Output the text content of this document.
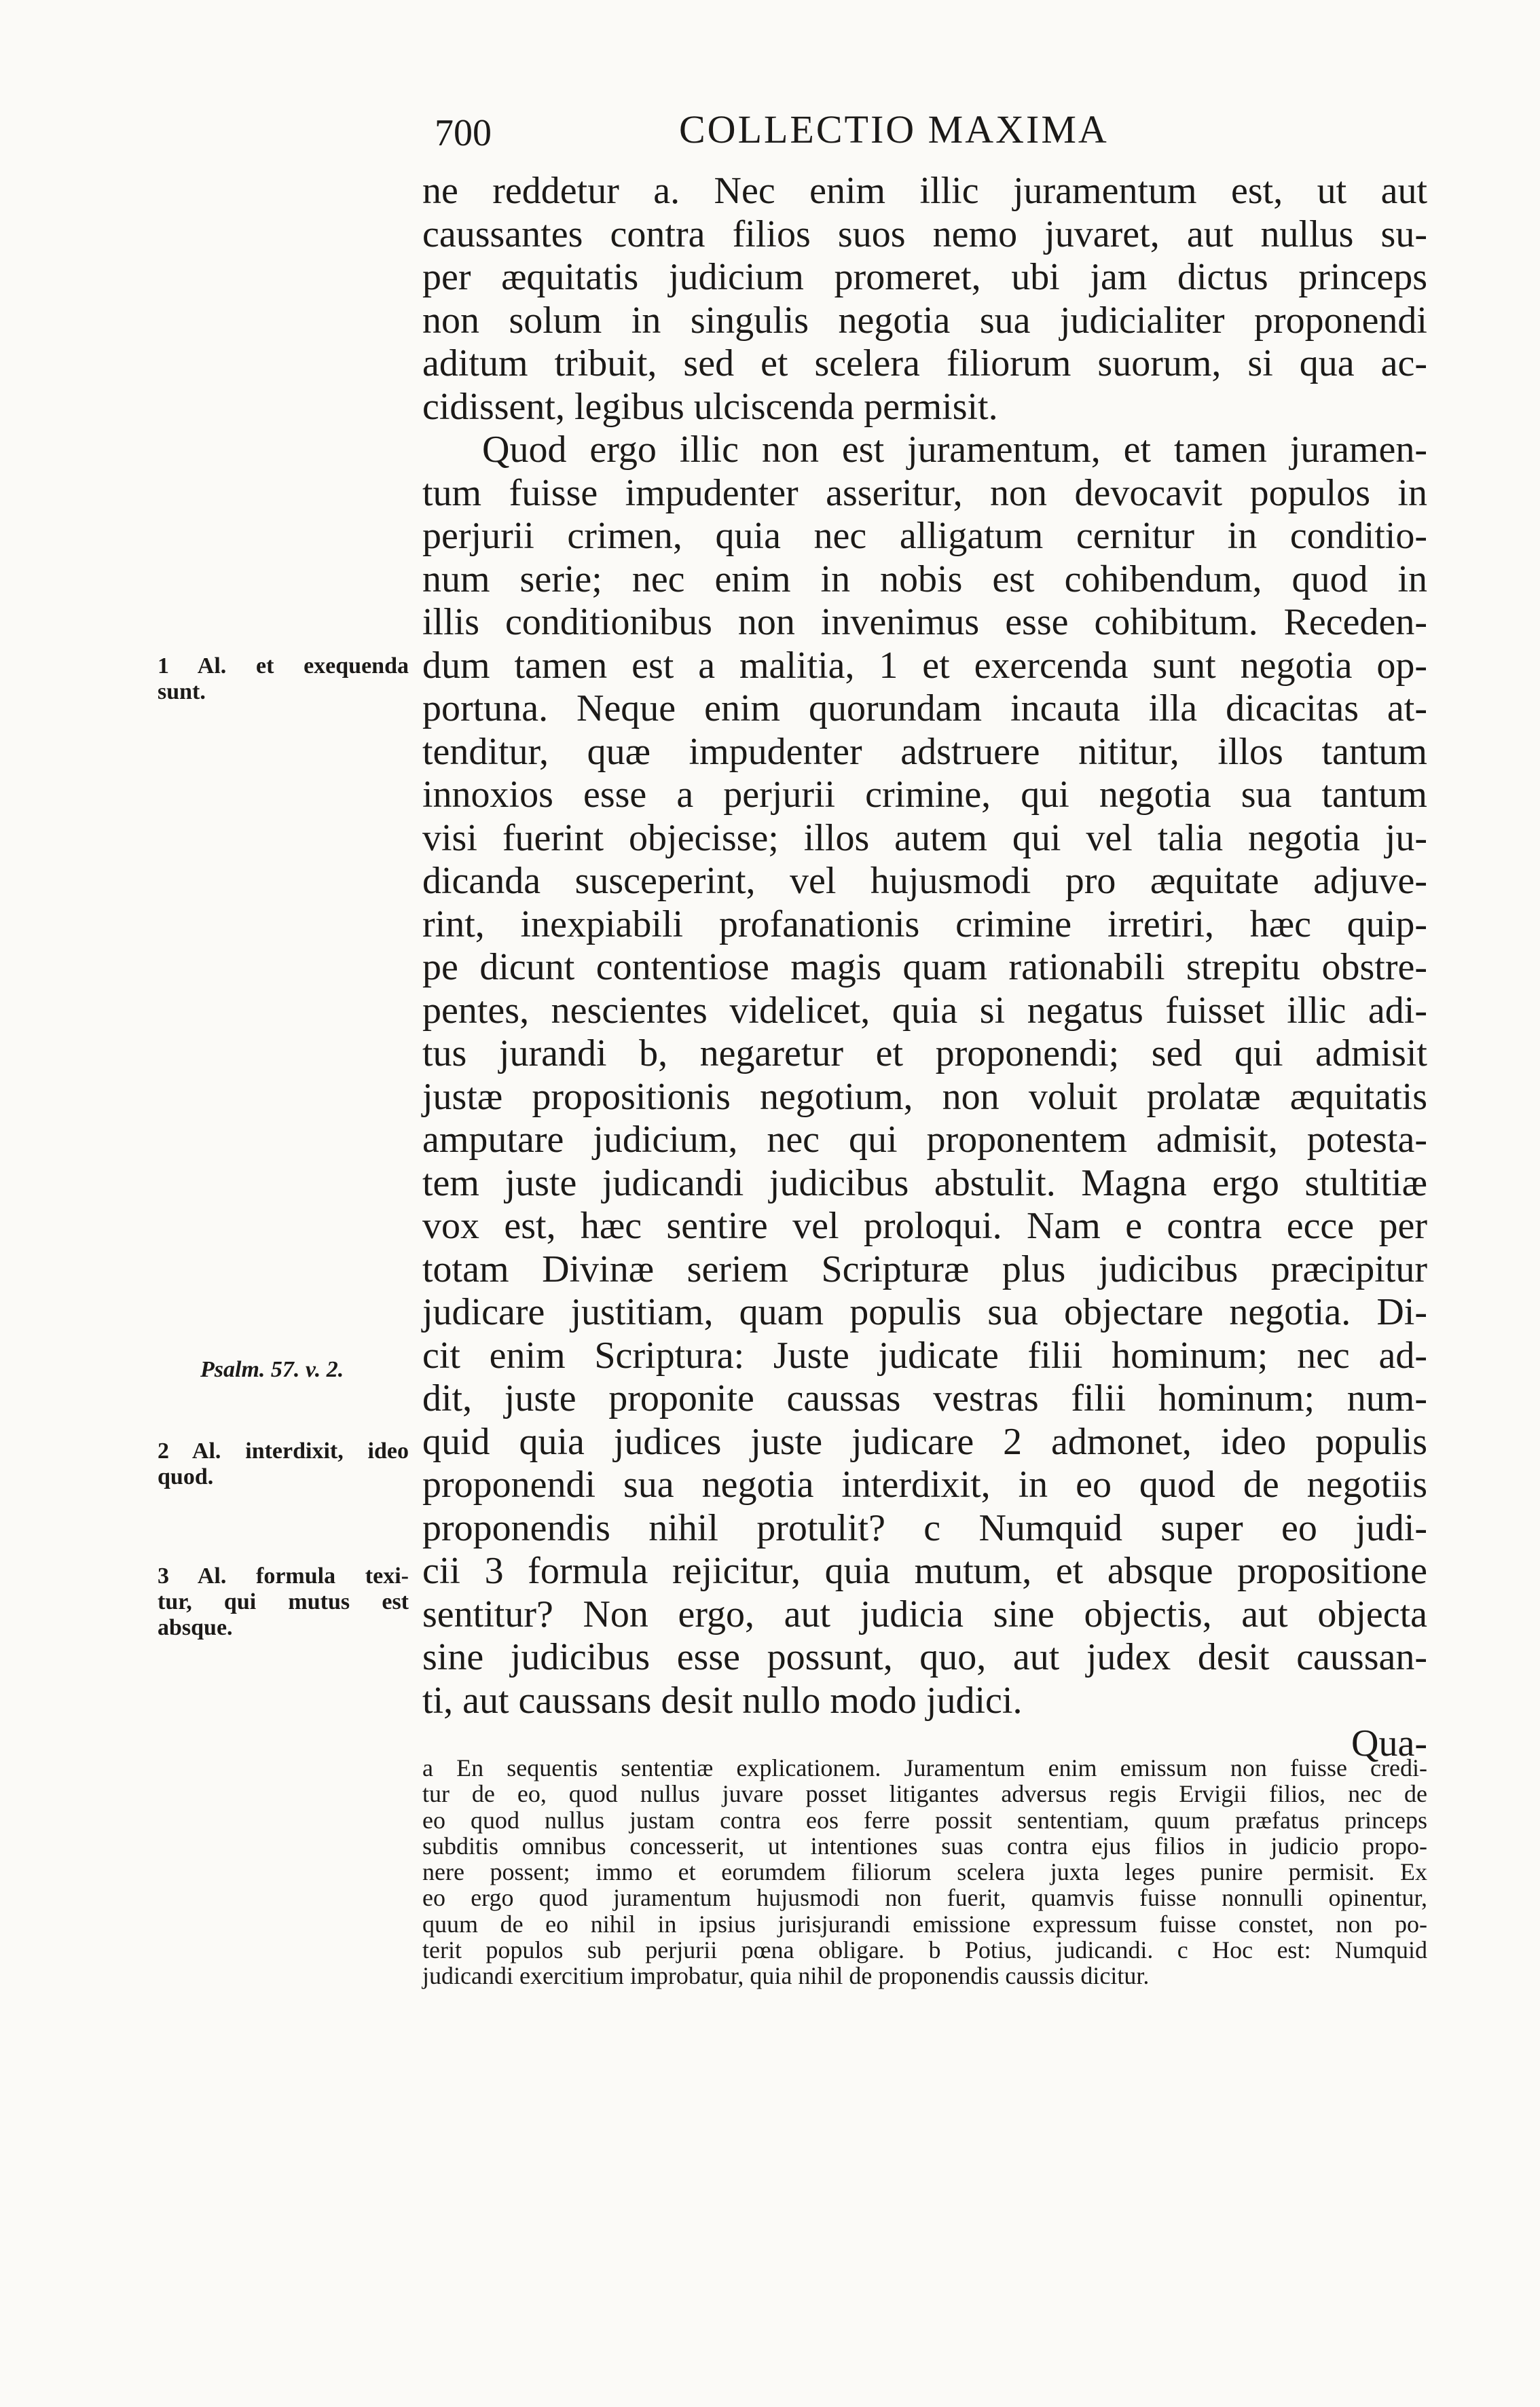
700	COLLECTIO MAXIMA
ne reddetur a. Nec enim illic juramentum est, ut aut
caussantes contra filios suos nemo juvaret, aut nullus su-
per æquitatis judicium promeret, ubi jam dictus princeps
non solum in singulis negotia sua judicialiter proponendi
aditum tribuit, sed et scelera filiorum suorum, si qua ac-
cidissent, legibus ulciscenda permisit.
Quod ergo illic non est juramentum, et tamen juramen-
tum fuisse impudenter asseritur, non devocavit populos in
perjurii crimen, quia nec alligatum cernitur in conditio-
num serie; nec enim in nobis est cohibendum, quod in
illis conditionibus non invenimus esse cohibitum. Receden-
dum tamen est a malitia, 1 et exercenda sunt negotia op-
portuna. Neque enim quorundam incauta illa dicacitas at-
tenditur, quæ impudenter adstruere nititur, illos tantum
innoxios esse a perjurii crimine, qui negotia sua tantum
visi fuerint objecisse; illos autem qui vel talia negotia ju-
dicanda susceperint, vel hujusmodi pro æquitate adjuve-
rint, inexpiabili profanationis crimine irretiri, hæc quip-
pe dicunt contentiose magis quam rationabili strepitu obstre-
pentes, nescientes videlicet, quia si negatus fuisset illic adi-
tus jurandi b, negaretur et proponendi; sed qui admisit
justæ propositionis negotium, non voluit prolatæ æquitatis
amputare judicium, nec qui proponentem admisit, potesta-
tem juste judicandi judicibus abstulit. Magna ergo stultitiæ
vox est, hæc sentire vel proloqui. Nam e contra ecce per
totam Divinæ seriem Scripturæ plus judicibus præcipitur
judicare justitiam, quam populis sua objectare negotia. Di-
cit enim Scriptura: Juste judicate filii hominum; nec ad-
dit, juste proponite caussas vestras filii hominum; num-
quid quia judices juste judicare 2 admonet, ideo populis
proponendi sua negotia interdixit, in eo quod de negotiis
proponendis nihil protulit? c Numquid super eo judi-
cii 3 formula rejicitur, quia mutum, et absque propositione
sentitur? Non ergo, aut judicia sine objectis, aut objecta
sine judicibus esse possunt, quo, aut judex desit caussan-
ti, aut caussans desit nullo modo judici.
Qua-
a En sequentis sententiæ explicationem. Juramentum enim emissum non fuisse credi-
tur de eo, quod nullus juvare posset litigantes adversus regis Ervigii filios, nec de
eo quod nullus justam contra eos ferre possit sententiam, quum præfatus princeps
subditis omnibus concesserit, ut intentiones suas contra ejus filios in judicio propo-
nere possent; immo et eorumdem filiorum scelera juxta leges punire permisit. Ex
eo ergo quod juramentum hujusmodi non fuerit, quamvis fuisse nonnulli opinentur,
quum de eo nihil in ipsius jurisjurandi emissione expressum fuisse constet, non po-
terit populos sub perjurii pœna obligare. b Potius, judicandi. c Hoc est: Numquid
judicandi exercitium improbatur, quia nihil de proponendis caussis dicitur.
1 Al. et exequenda
sunt.
Psalm. 57. v. 2.
2 Al. interdixit, ideo
quod.
3 Al. formula texi-
tur, qui mutus est
absque.
